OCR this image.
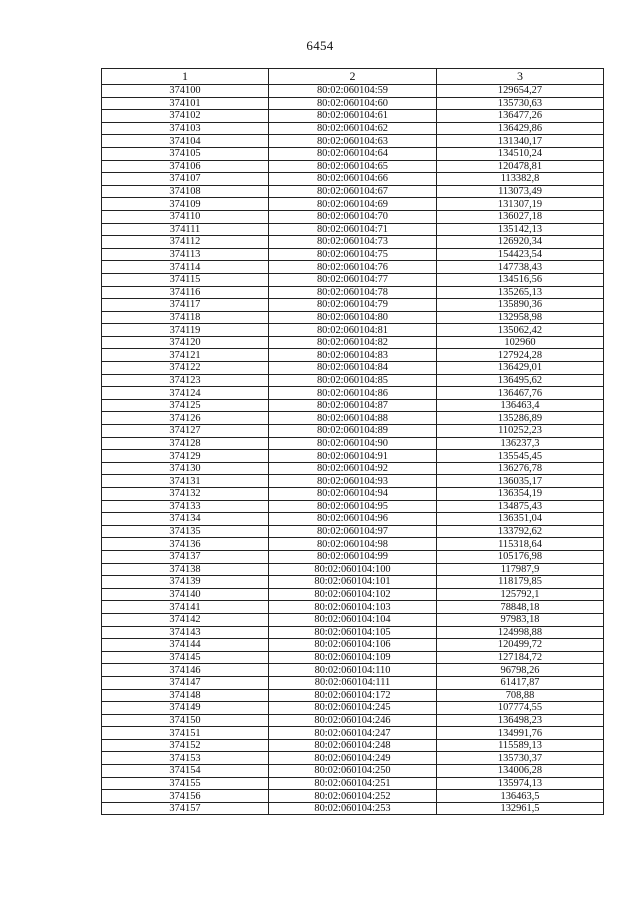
6454
1	2	3
374100	80:02:060104:59	129654,27
374101	80:02:060104:60	135730,63
374102	80:02:060104:61	136477,26
374103	80:02:060104:62	136429,86
374104	80:02:060104:63	131340,17
374105	80:02:060104:64	134510,24
374106	80:02:060104:65	120478,81
374107	80:02:060104:66	113382,8
374108	80:02:060104:67	113073,49
374109	80:02:060104:69	131307,19
374110	80:02:060104:70	136027,18
374111	80:02:060104:71	135142,13
374112	80:02:060104:73	126920,34
374113	80:02:060104:75	154423,54
374114	80:02:060104:76	147738,43
374115	80:02:060104:77	134516,56
374116	80:02:060104:78	135265,13
374117	80:02:060104:79	135890,36
374118	80:02:060104:80	132958,98
374119	80:02:060104:81	135062,42
374120	80:02:060104:82	102960
374121	80:02:060104:83	127924,28
374122	80:02:060104:84	136429,01
374123	80:02:060104:85	136495,62
374124	80:02:060104:86	136467,76
374125	80:02:060104:87	136463,4
374126	80:02:060104:88	135286,89
374127	80:02:060104:89	110252,23
374128	80:02:060104:90	136237,3
374129	80:02:060104:91	135545,45
374130	80:02:060104:92	136276,78
374131	80:02:060104:93	136035,17
374132	80:02:060104:94	136354,19
374133	80:02:060104:95	134875,43
374134	80:02:060104:96	136351,04
374135	80:02:060104:97	133792,62
374136	80:02:060104:98	115318,64
374137	80:02:060104:99	105176,98
374138	80:02:060104:100	117987,9
374139	80:02:060104:101	118179,85
374140	80:02:060104:102	125792,1
374141	80:02:060104:103	78848,18
374142	80:02:060104:104	97983,18
374143	80:02:060104:105	124998,88
374144	80:02:060104:106	120499,72
374145	80:02:060104:109	127184,72
374146	80:02:060104:110	96798,26
374147	80:02:060104:111	61417,87
374148	80:02:060104:172	708,88
374149	80:02:060104:245	107774,55
374150	80:02:060104:246	136498,23
374151	80:02:060104:247	134991,76
374152	80:02:060104:248	115589,13
374153	80:02:060104:249	135730,37
374154	80:02:060104:250	134006,28
374155	80:02:060104:251	135974,13
374156	80:02:060104:252	136463,5
374157	80:02:060104:253	132961,5
